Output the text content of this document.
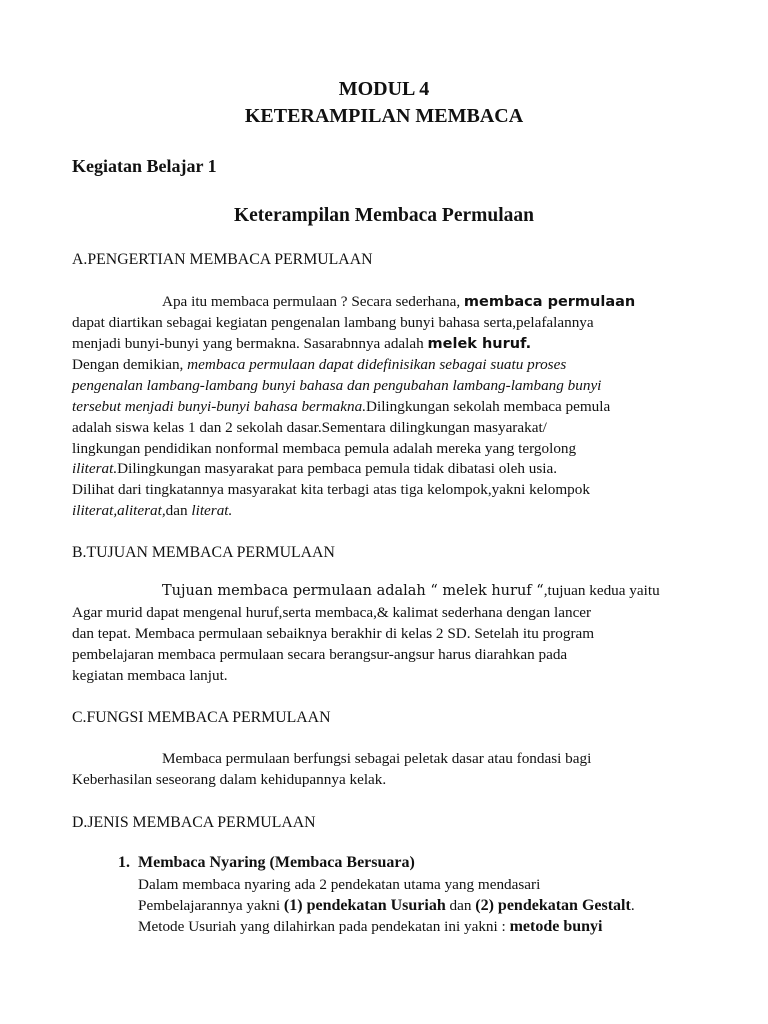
MODUL 4
KETERAMPILAN MEMBACA
Kegiatan Belajar 1
Keterampilan Membaca Permulaan
A.PENGERTIAN MEMBACA PERMULAAN
Apa itu membaca permulaan ? Secara sederhana, membaca permulaan
dapat diartikan sebagai kegiatan pengenalan lambang bunyi bahasa serta,pelafalannya
menjadi bunyi-bunyi yang bermakna. Sasarabnnya adalah melek huruf.
Dengan demikian, membaca permulaan dapat didefinisikan sebagai suatu proses
pengenalan lambang-lambang bunyi bahasa dan pengubahan lambang-lambang bunyi
tersebut menjadi bunyi-bunyi bahasa bermakna.Dilingkungan sekolah membaca pemula
adalah siswa kelas 1 dan 2 sekolah dasar.Sementara dilingkungan masyarakat/
lingkungan pendidikan nonformal membaca pemula adalah mereka yang tergolong
iliterat.Dilingkungan masyarakat para pembaca pemula tidak dibatasi oleh usia.
Dilihat dari tingkatannya masyarakat kita terbagi atas tiga kelompok,yakni kelompok
iliterat,aliterat,dan literat.
B.TUJUAN MEMBACA PERMULAAN
Tujuan membaca permulaan adalah “ melek huruf “,tujuan kedua yaitu
Agar murid dapat mengenal huruf,serta membaca,& kalimat sederhana dengan lancer
dan tepat. Membaca permulaan sebaiknya berakhir di kelas 2 SD. Setelah itu program
pembelajaran membaca permulaan secara berangsur-angsur harus diarahkan pada
kegiatan membaca lanjut.
C.FUNGSI MEMBACA PERMULAAN
Membaca permulaan berfungsi sebagai peletak dasar atau fondasi bagi
Keberhasilan seseorang dalam kehidupannya kelak.
D.JENIS MEMBACA PERMULAAN
1. Membaca Nyaring (Membaca Bersuara)
Dalam membaca nyaring ada 2 pendekatan utama yang mendasari
Pembelajarannya yakni (1) pendekatan Usuriah dan (2) pendekatan Gestalt.
Metode Usuriah yang dilahirkan pada pendekatan ini yakni : metode bunyi
